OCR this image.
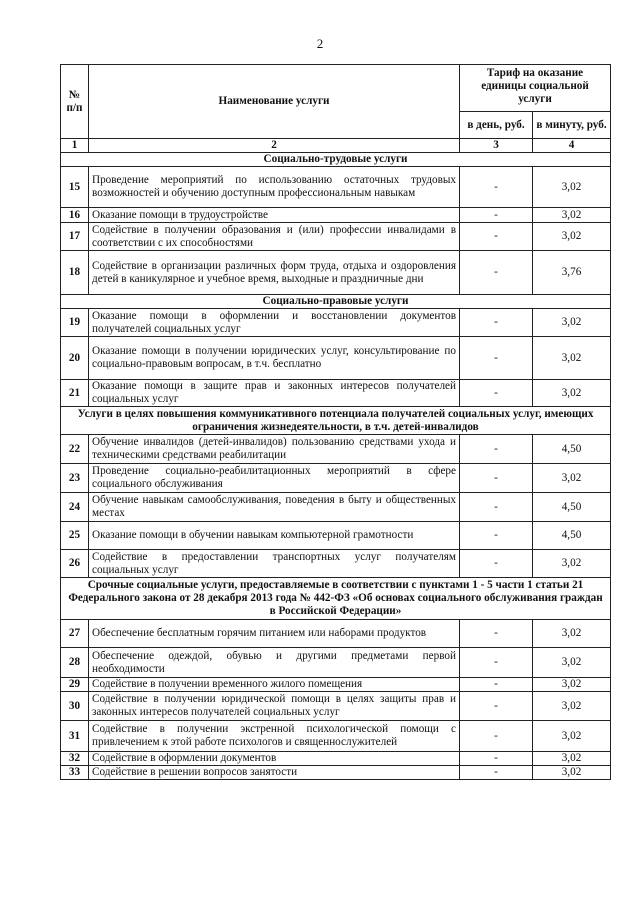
2
№
п/п	Наименование услуги	Тариф на оказание единицы социальной услуги	
		в день, руб.	в минуту, руб.
1	2	3	4
Социально-трудовые услуги			
15	Проведение мероприятий по использованию остаточных трудовых возможностей и обучению доступным профессиональным навыкам	-	3,02
16	Оказание помощи в трудоустройстве	-	3,02
17	Содействие в получении образования и (или) профессии инвалидами в соответствии с их способностями	-	3,02
18	Содействие в организации различных форм труда, отдыха и оздоровления детей в каникулярное и учебное время, выходные и праздничные дни	-	3,76
Социально-правовые услуги			
19	Оказание помощи в оформлении и восстановлении документов получателей социальных услуг	-	3,02
20	Оказание помощи в получении юридических услуг, консультирование по социально-правовым вопросам, в т.ч. бесплатно	-	3,02
21	Оказание помощи в защите прав и законных интересов получателей социальных услуг	-	3,02
Услуги в целях повышения коммуникативного потенциала получателей социальных услуг, имеющих ограничения жизнедеятельности, в т.ч. детей-инвалидов			
22	Обучение инвалидов (детей-инвалидов) пользованию средствами ухода и техническими средствами реабилитации	-	4,50
23	Проведение социально-реабилитационных мероприятий в сфере социального обслуживания	-	3,02
24	Обучение навыкам самообслуживания, поведения в быту и общественных местах	-	4,50
25	Оказание помощи в обучении навыкам компьютерной грамотности	-	4,50
26	Содействие в предоставлении транспортных услуг получателям социальных услуг	-	3,02
Срочные социальные услуги, предоставляемые в соответствии с пунктами 1 - 5 части 1 статьи 21 Федерального закона от 28 декабря 2013 года № 442-ФЗ «Об основах социального обслуживания граждан в Российской Федерации»			
27	Обеспечение бесплатным горячим питанием или наборами продуктов	-	3,02
28	Обеспечение одеждой, обувью и другими предметами первой необходимости	-	3,02
29	Содействие в получении временного жилого помещения	-	3,02
30	Содействие в получении юридической помощи в целях защиты прав и законных интересов получателей социальных услуг	-	3,02
31	Содействие в получении экстренной психологической помощи с привлечением к этой работе психологов и священнослужителей	-	3,02
32	Содействие в оформлении документов	-	3,02
33	Содействие в решении вопросов занятости	-	3,02
